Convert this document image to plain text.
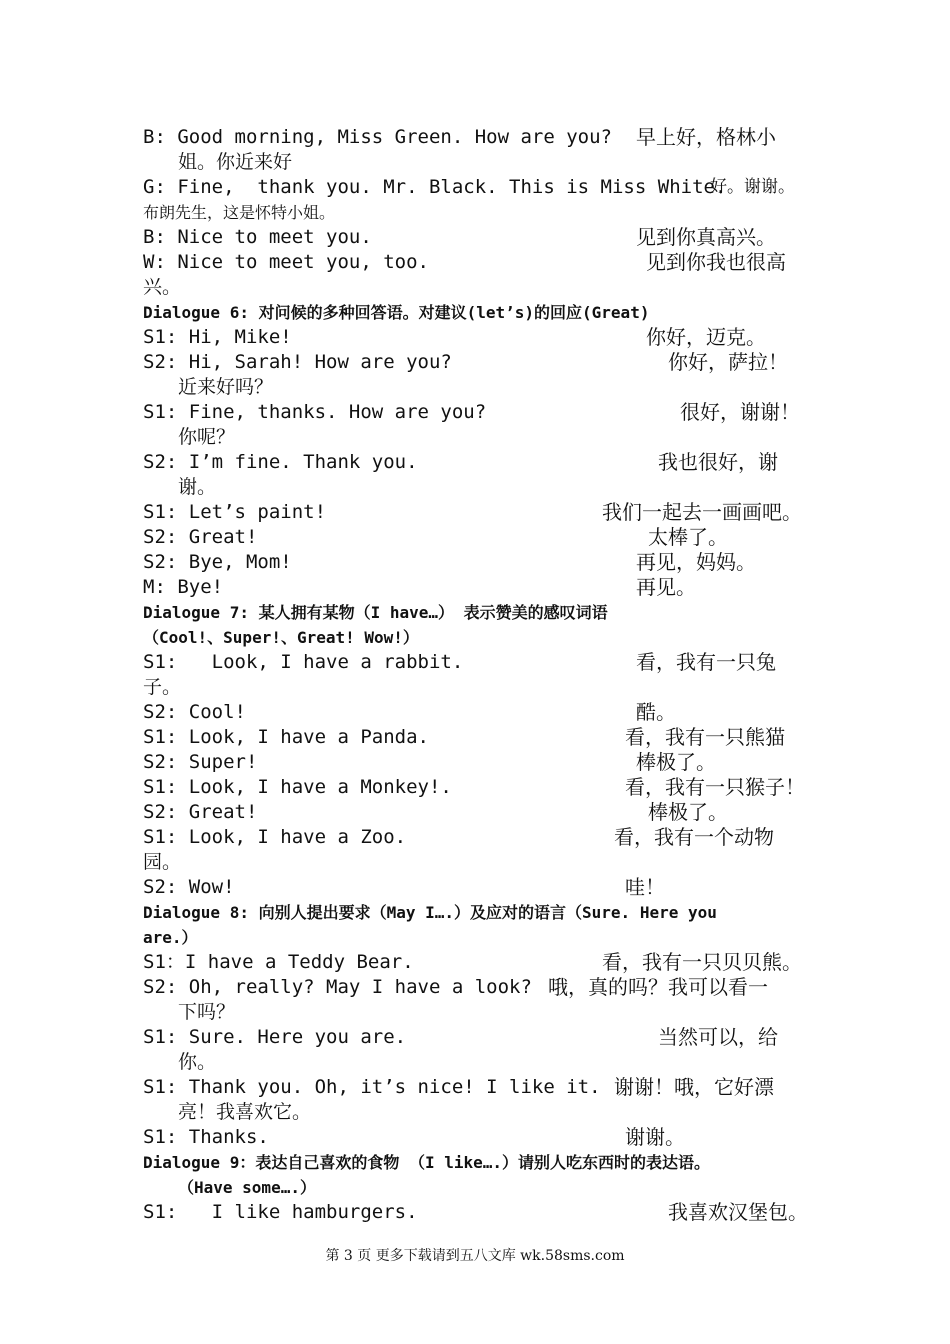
B: Good morning, Miss Green. How are you? 早上好，格林小
姐。你近来好
G: Fine,  thank you. Mr. Black. This is Miss White.
好。谢谢。
布朗先生，这是怀特小姐。
B: Nice to meet you.	见到你真高兴。
W: Nice to meet you, too.	见到你我也很高
兴。
Dialogue 6: 对问候的多种回答语。对建议(let’s)的回应(Great)
S1: Hi, Mike!	你好，迈克。
S2: Hi, Sarah! How are you?	你好，萨拉！
近来好吗？
S1: Fine, thanks. How are you?	很好，谢谢！
你呢？
S2: I’m fine. Thank you.	我也很好，谢
谢。
S1: Let’s paint!	我们一起去一画画吧。
S2: Great!	太棒了。
S2: Bye, Mom!	再见，妈妈。
M: Bye!	再见。
Dialogue 7: 某人拥有某物（I have…） 表示赞美的感叹词语
（Cool!、Super!、Great! Wow!）
S1:   Look, I have a rabbit.	看，我有一只兔
子。
S2: Cool!	酷。
S1: Look, I have a Panda.	看，我有一只熊猫
S2: Super!	棒极了。
S1: Look, I have a Monkey!.	看，我有一只猴子！
S2: Great!	棒极了。
S1: Look, I have a Zoo.	看，我有一个动物
园。
S2: Wow!	哇！
Dialogue 8: 向别人提出要求（May I….）及应对的语言（Sure. Here you
are.）
S1：I have a Teddy Bear.	看，我有一只贝贝熊。
S2: Oh, really? May I have a look? 哦，真的吗？我可以看一
下吗？
S1: Sure. Here you are.	当然可以，给
你。
S1: Thank you. Oh, it’s nice! I like it. 谢谢！哦，它好漂
亮！我喜欢它。
S1: Thanks.	谢谢。
Dialogue 9：表达自己喜欢的食物 （I like….）请别人吃东西时的表达语。
（Have some….）
S1:   I like hamburgers.	我喜欢汉堡包。
第 3 页 更多下载请到五八文库 wk.58sms.com
